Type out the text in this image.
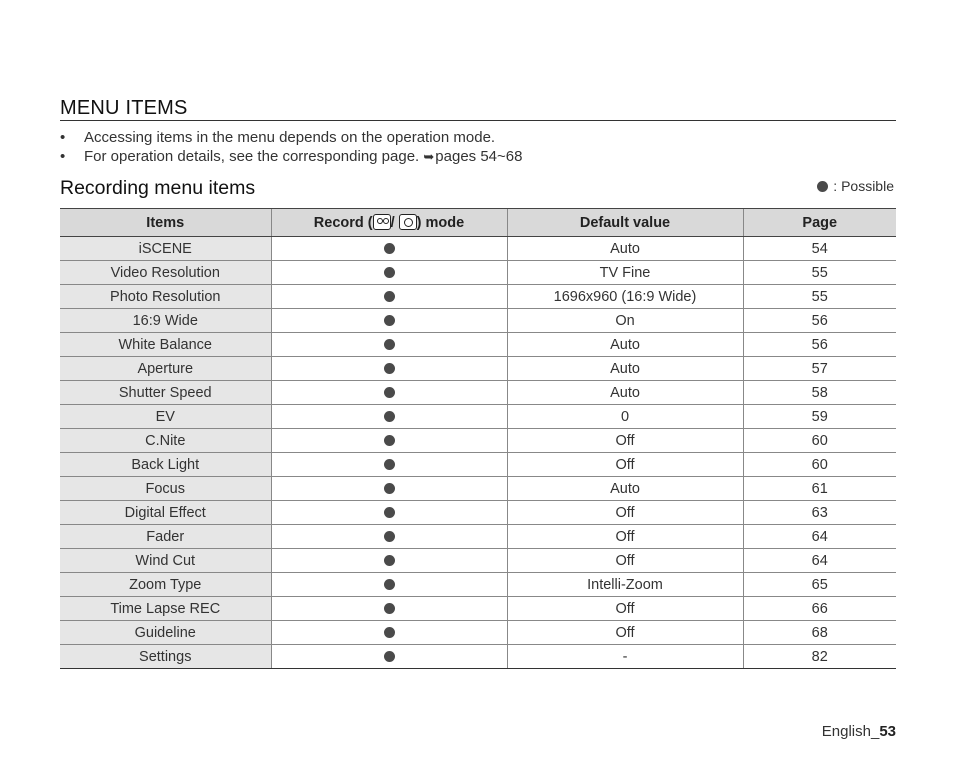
MENU ITEMS
• Accessing items in the menu depends on the operation mode.
• For operation details, see the corresponding page. ➥pages 54~68
Recording menu items	: Possible
Items	Record ( / ) mode	Default value	Page
iSCENE		Auto	54
Video Resolution		TV Fine	55
Photo Resolution		1696x960 (16:9 Wide)	55
16:9 Wide		On	56
White Balance		Auto	56
Aperture		Auto	57
Shutter Speed		Auto	58
EV		0	59
C.Nite		Off	60
Back Light		Off	60
Focus		Auto	61
Digital Effect		Off	63
Fader		Off	64
Wind Cut		Off	64
Zoom Type		Intelli-Zoom	65
Time Lapse REC		Off	66
Guideline		Off	68
Settings		-	82
English_53
